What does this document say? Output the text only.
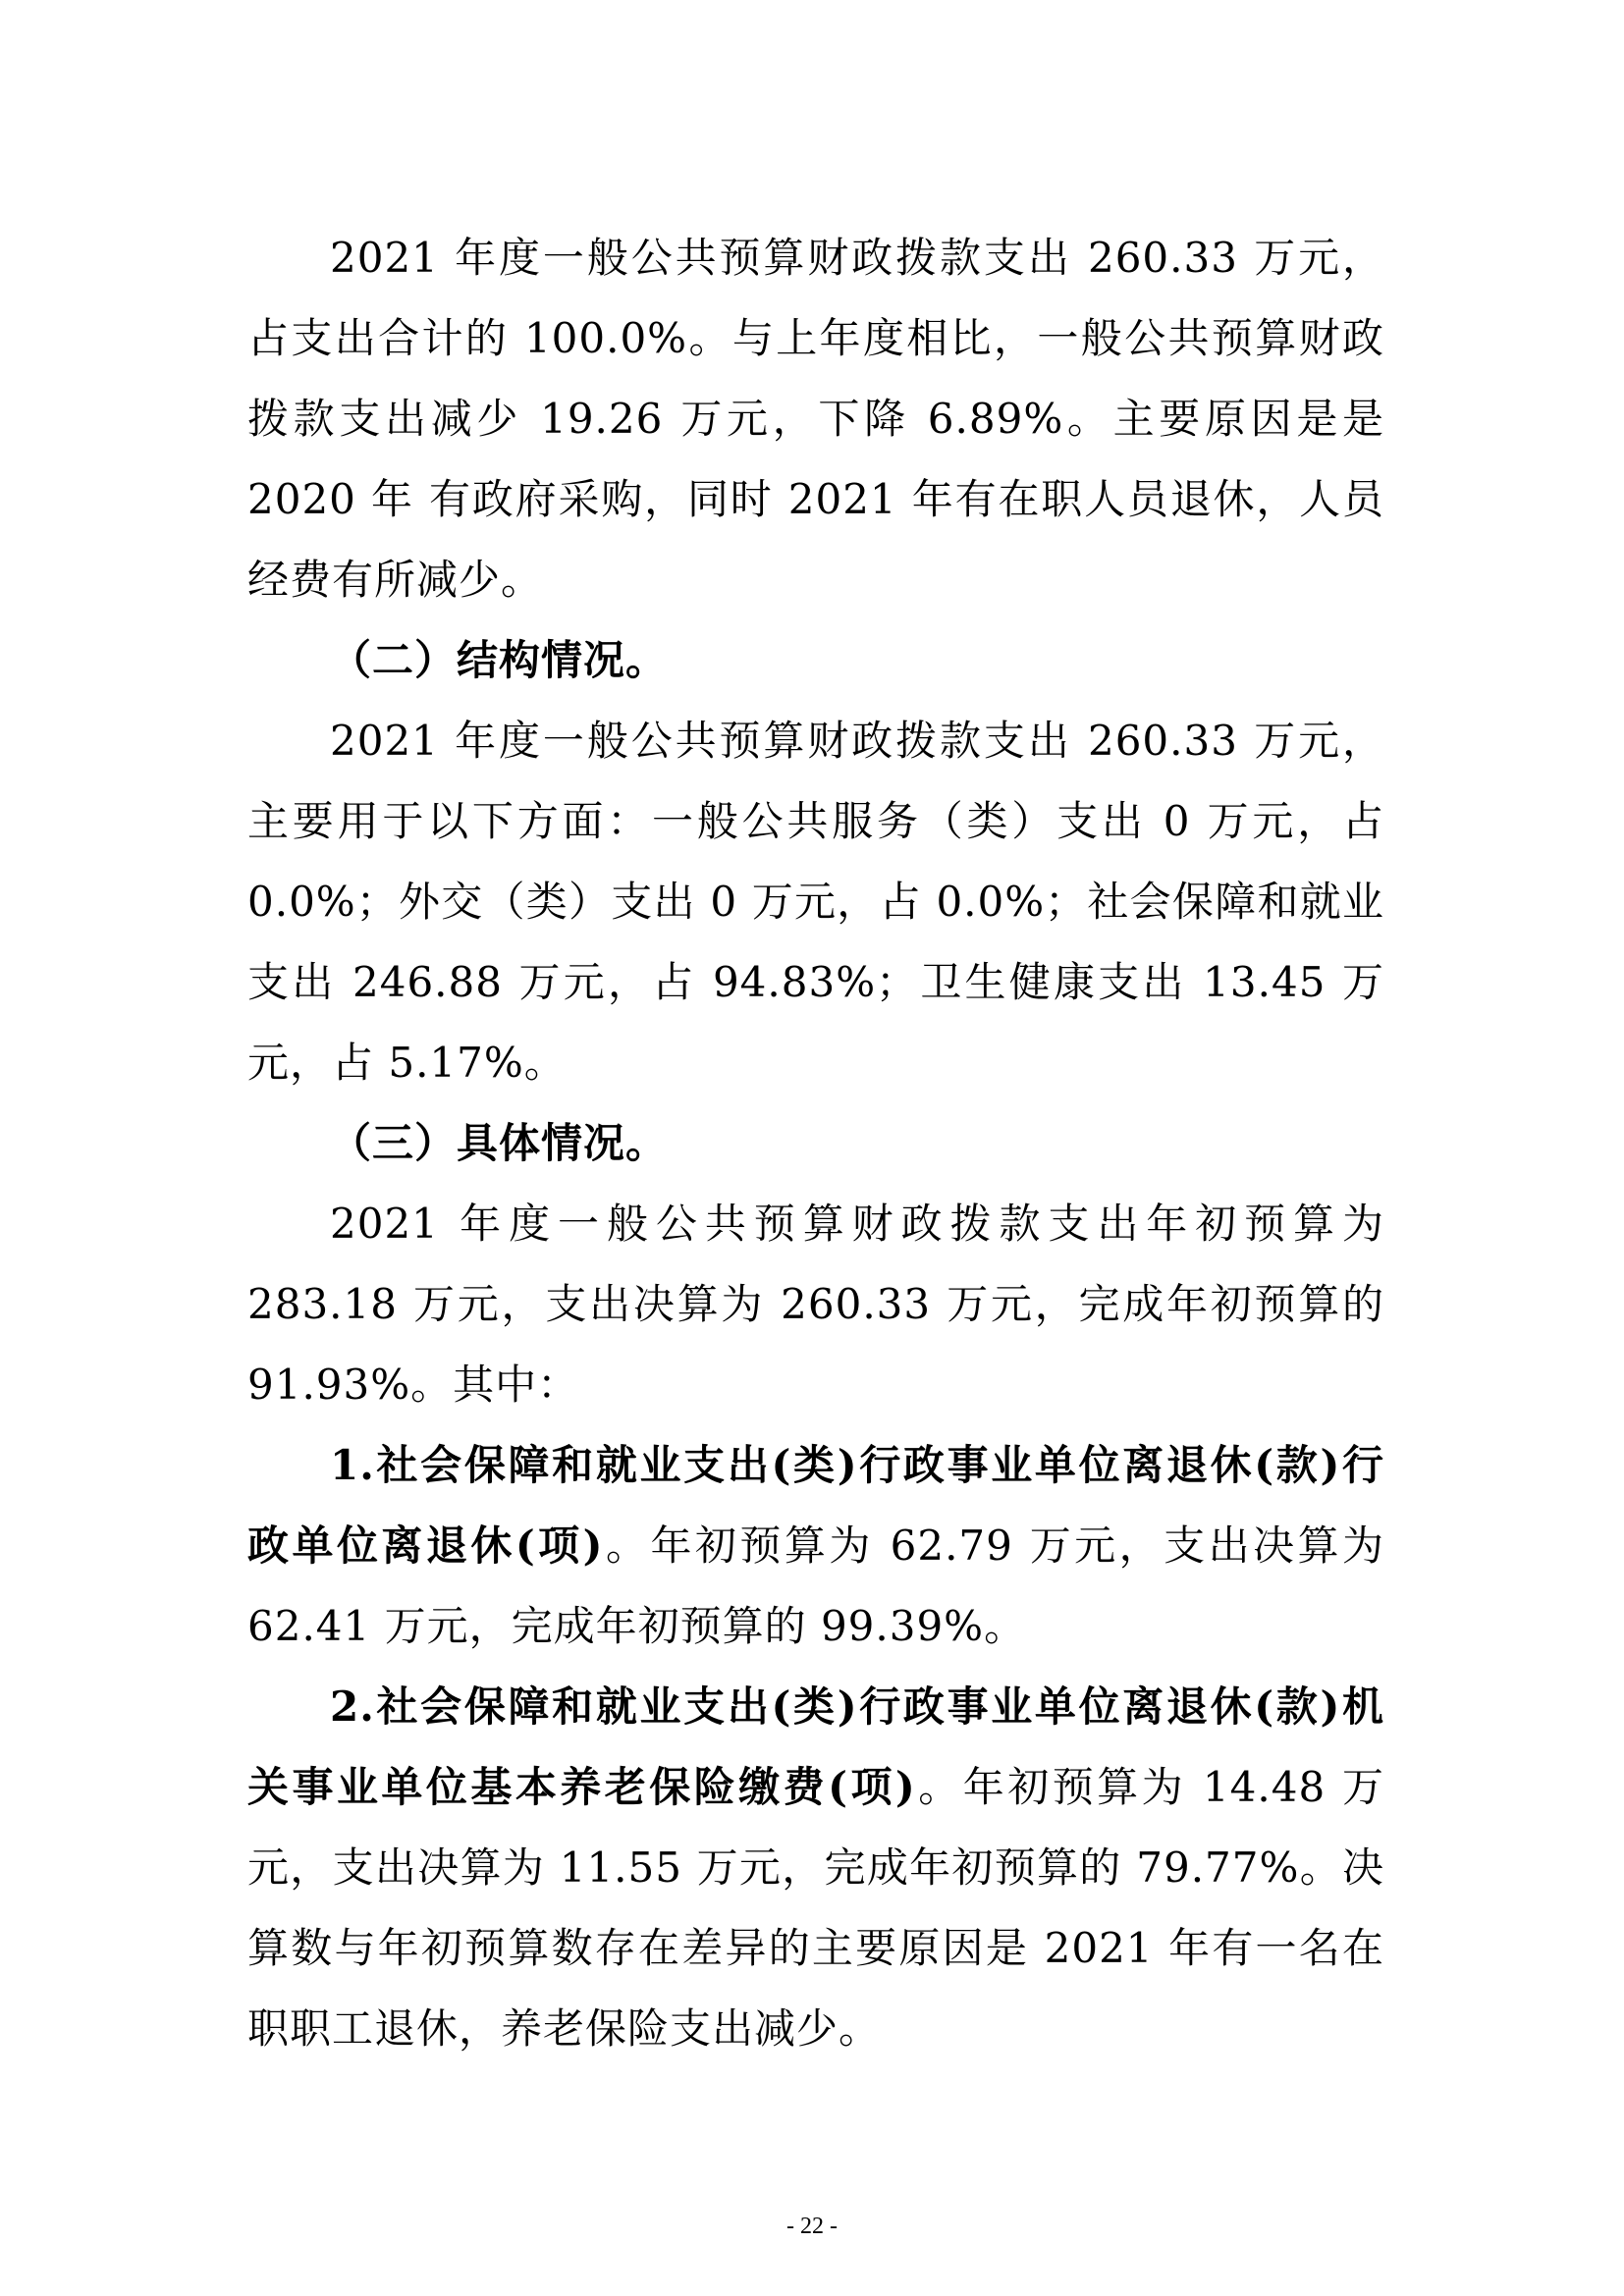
2021 年度一般公共预算财政拨款支出 260.33 万元，占支出合计的 100.0%。与上年度相比，一般公共预算财政拨款支出减少 19.26 万元，下降 6.89%。主要原因是是 2020 年 有政府采购，同时 2021 年有在职人员退休，人员经费有所减少。

（二）结构情况。

2021 年度一般公共预算财政拨款支出 260.33 万元，主要用于以下方面：一般公共服务（类）支出 0 万元，占 0.0%；外交（类）支出 0 万元，占 0.0%；社会保障和就业支出 246.88 万元，占 94.83%；卫生健康支出 13.45 万元，占 5.17%。

（三）具体情况。

2021 年度一般公共预算财政拨款支出年初预算为 283.18 万元，支出决算为 260.33 万元，完成年初预算的 91.93%。其中：

1.社会保障和就业支出(类)行政事业单位离退休(款)行政单位离退休(项)。年初预算为 62.79 万元，支出决算为 62.41 万元，完成年初预算的 99.39%。

2.社会保障和就业支出(类)行政事业单位离退休(款)机关事业单位基本养老保险缴费(项)。年初预算为 14.48 万元，支出决算为 11.55 万元，完成年初预算的 79.77%。决算数与年初预算数存在差异的主要原因是 2021 年有一名在职职工退休，养老保险支出减少。

- 22 -
